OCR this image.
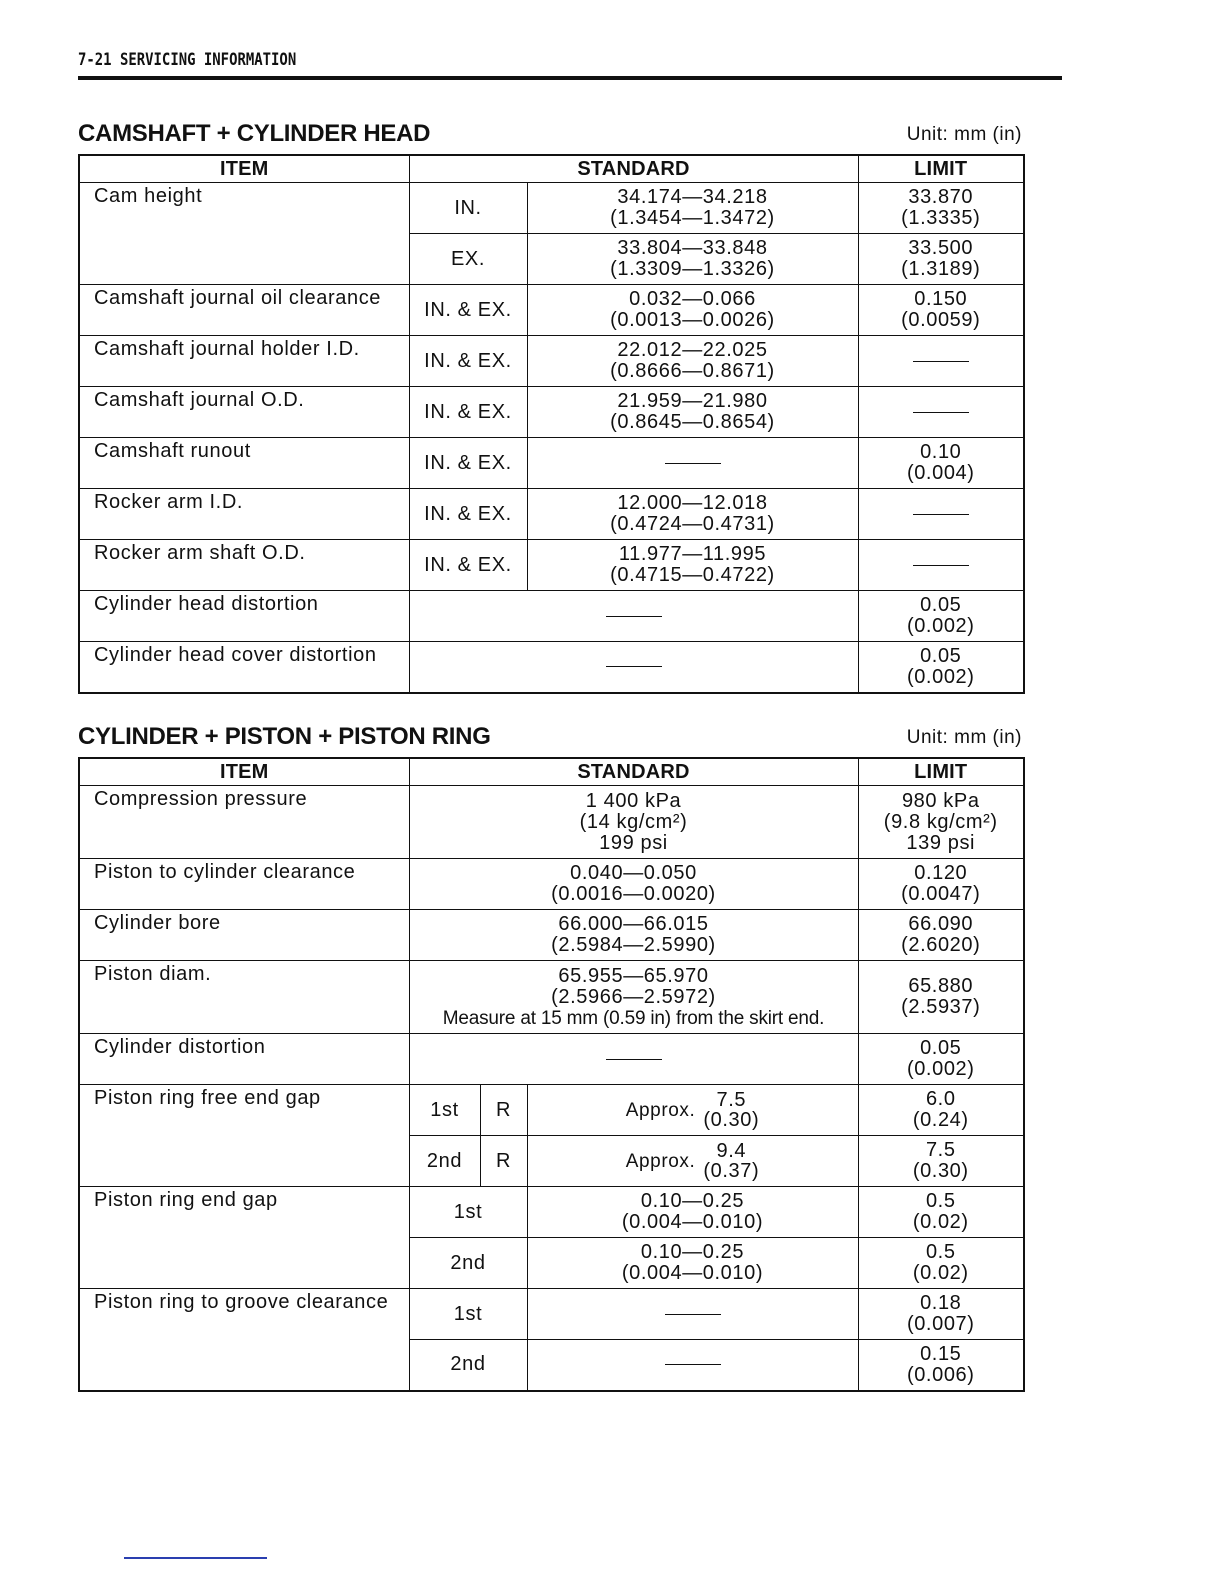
7-21 SERVICING INFORMATION
CAMSHAFT + CYLINDER HEAD	Unit: mm (in)
ITEM	STANDARD		LIMIT
Cam height	IN.	34.174—34.218
(1.3454—1.3472)	33.870
(1.3335)
	EX.	33.804—33.848
(1.3309—1.3326)	33.500
(1.3189)
Camshaft journal oil clearance	IN. & EX.	0.032—0.066
(0.0013—0.0026)	0.150
(0.0059)
Camshaft journal holder I.D.	IN. & EX.	22.012—22.025
(0.8666—0.8671)	
Camshaft journal O.D.	IN. & EX.	21.959—21.980
(0.8645—0.8654)	
Camshaft runout	IN. & EX.		0.10
(0.004)
Rocker arm I.D.	IN. & EX.	12.000—12.018
(0.4724—0.4731)	
Rocker arm shaft O.D.	IN. & EX.	11.977—11.995
(0.4715—0.4722)	
Cylinder head distortion			0.05
(0.002)
Cylinder head cover distortion			0.05
(0.002)
CYLINDER + PISTON + PISTON RING	Unit: mm (in)
ITEM	STANDARD			LIMIT
Compression pressure	1 400 kPa
(14 kg/cm²)
199 psi			980 kPa
(9.8 kg/cm²)
139 psi
Piston to cylinder clearance	0.040—0.050
(0.0016—0.0020)			0.120
(0.0047)
Cylinder bore	66.000—66.015
(2.5984—2.5990)			66.090
(2.6020)
Piston diam.	65.955—65.970
(2.5966—2.5972)
Measure at 15 mm (0.59 in) from the skirt end.			65.880
(2.5937)
Cylinder distortion				0.05
(0.002)
Piston ring free end gap	1st	R	Approx. 7.5
(0.30)	6.0
(0.24)
	2nd	R	Approx. 9.4
(0.37)	7.5
(0.30)
Piston ring end gap	1st		0.10—0.25
(0.004—0.010)	0.5
(0.02)
	2nd		0.10—0.25
(0.004—0.010)	0.5
(0.02)
Piston ring to groove clearance	1st			0.18
(0.007)
	2nd			0.15
(0.006)
